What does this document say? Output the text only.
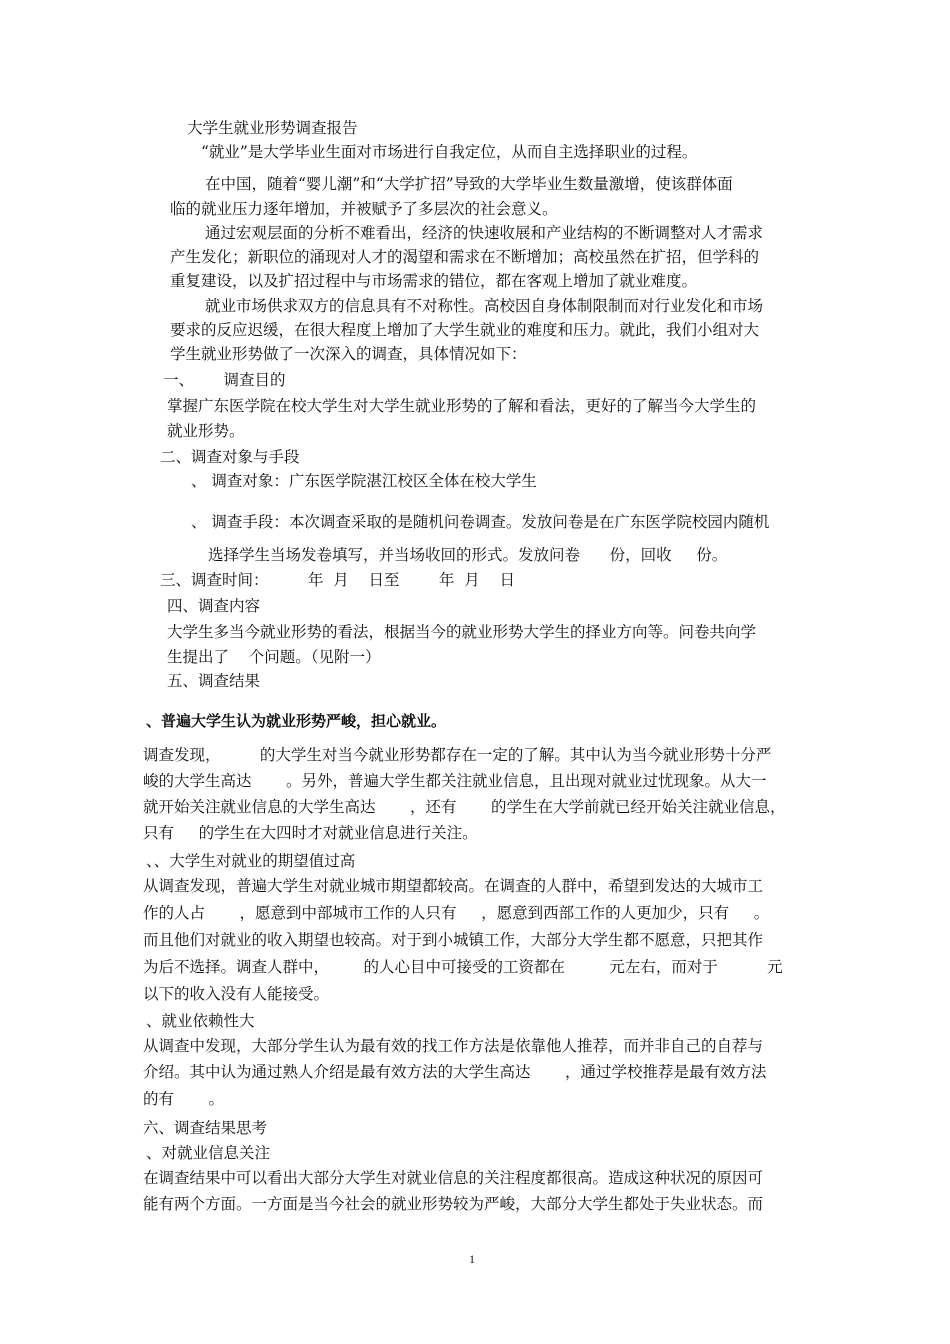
大学生就业形势调查报告
“就业”是大学毕业生面对市场进行自我定位，从而自主选择职业的过程。
在中国，随着“婴儿潮”和“大学扩招”导致的大学毕业生数量激增，使该群体面
临的就业压力逐年增加，并被赋予了多层次的社会意义。
通过宏观层面的分析不难看出，经济的快速收展和产业结构的不断调整对人才需求
产生发化；新职位的涌现对人才的渴望和需求在不断增加；高校虽然在扩招，但学科的
重复建设，以及扩招过程中与市场需求的错位，都在客观上增加了就业难度。
就业市场供求双方的信息具有不对称性。高校因自身体制限制而对行业发化和市场
要求的反应迟缓，在很大程度上增加了大学生就业的难度和压力。就此，我们小组对大
学生就业形势做了一次深入的调查，具体情况如下：
一、      调查目的
掌握广东医学院在校大学生对大学生就业形势的了解和看法，更好的了解当今大学生的
就业形势。
二、调查对象与手段
、 调查对象：广东医学院湛江校区全体在校大学生
、 调查手段：本次调查采取的是随机问卷调查。发放问卷是在广东医学院校园内随机
选择学生当场发卷填写，并当场收回的形式。发放问卷      份，回收     份。
三、调查时间：        年  月    日至        年  月    日
四、调查内容
大学生多当今就业形势的看法，根据当今的就业形势大学生的择业方向等。问卷共向学
生提出了    个问题。（见附一）
五、调查结果
、普遍大学生认为就业形势严峻，担心就业。
调查发现，        的大学生对当今就业形势都存在一定的了解。其中认为当今就业形势十分严
峻的大学生高达       。另外，普遍大学生都关注就业信息，且出现对就业过忧现象。从大一
就开始关注就业信息的大学生高达       ，还有       的学生在大学前就已经开始关注就业信息，
只有     的学生在大四时才对就业信息进行关注。
、、大学生对就业的期望值过高
从调查发现，普遍大学生对就业城市期望都较高。在调查的人群中，希望到发达的大城市工
作的人占       ，愿意到中部城市工作的人只有     ，愿意到西部工作的人更加少，只有     。
而且他们对就业的收入期望也较高。对于到小城镇工作，大部分大学生都不愿意，只把其作
为后不选择。调查人群中，       的人心目中可接受的工资都在         元左右，而对于          元
以下的收入没有人能接受。
、就业依赖性大
从调查中发现，大部分学生认为最有效的找工作方法是依靠他人推荐，而并非自己的自荐与
介绍。其中认为通过熟人介绍是最有效方法的大学生高达       ，通过学校推荐是最有效方法
的有       。
六、调查结果思考
、对就业信息关注
在调查结果中可以看出大部分大学生对就业信息的关注程度都很高。造成这种状况的原因可
能有两个方面。一方面是当今社会的就业形势较为严峻，大部分大学生都处于失业状态。而
1
